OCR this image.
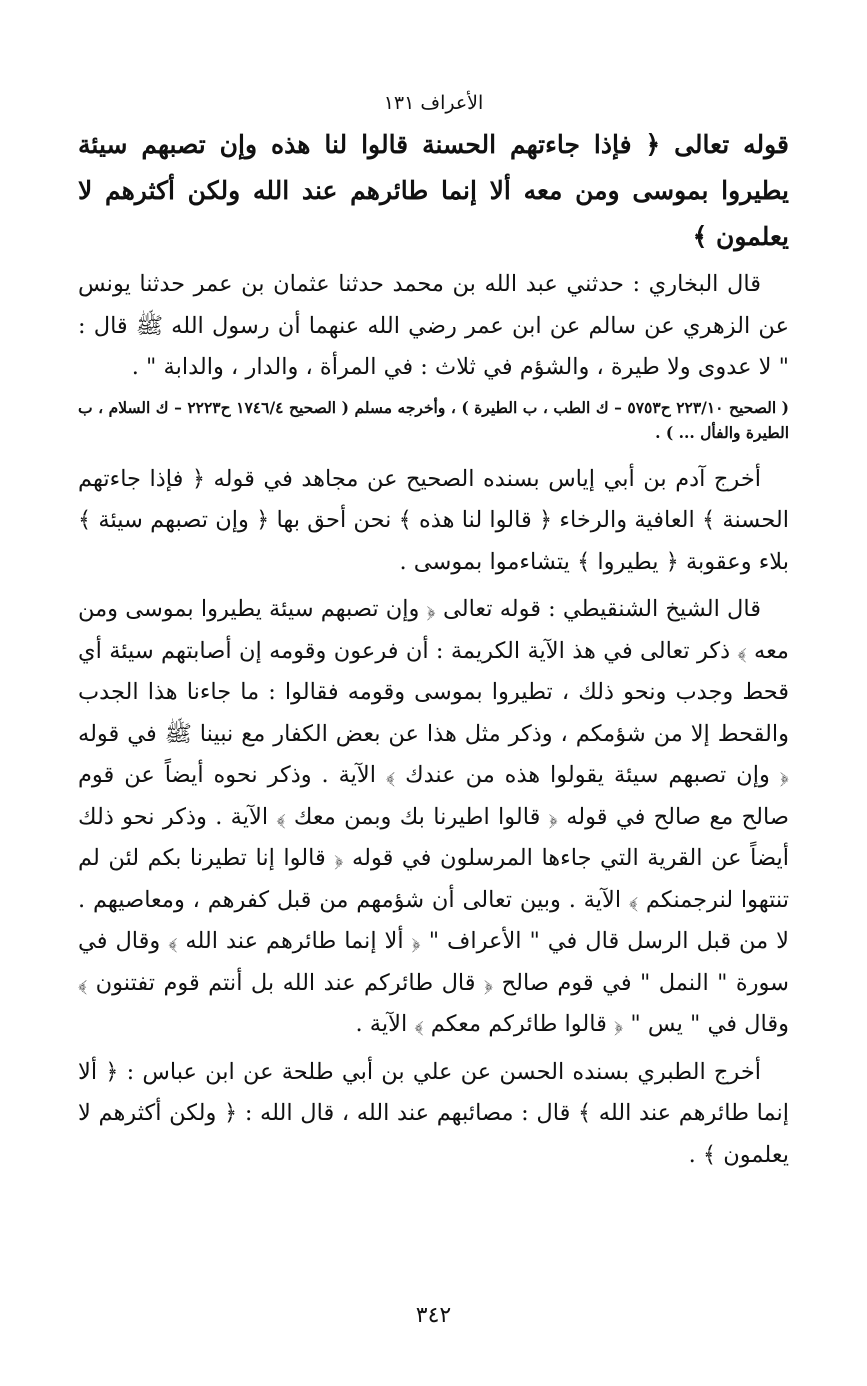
الأعراف ١٣١

قوله تعالى ﴿ فإذا جاءتهم الحسنة قالوا لنا هذه وإن تصبهم سيئة يطيروا بموسى ومن معه ألا إنما طائرهم عند الله ولكن أكثرهم لا يعلمون ﴾

قال البخاري : حدثني عبد الله بن محمد حدثنا عثمان بن عمر حدثنا يونس عن الزهري عن سالم عن ابن عمر رضي الله عنهما أن رسول الله ﷺ قال : " لا عدوى ولا طيرة ، والشؤم في ثلاث : في المرأة ، والدار ، والدابة " .

( الصحيح ٢٢٣/١٠ ح٥٧٥٣ – ك الطب ، ب الطيرة ) ، وأخرجه مسلم ( الصحيح ١٧٤٦/٤ ح٢٢٢٣ – ك السلام ، ب الطيرة والفأل ... ) .

أخرج آدم بن أبي إياس بسنده الصحيح عن مجاهد في قوله ﴿ فإذا جاءتهم الحسنة ﴾ العافية والرخاء ﴿ قالوا لنا هذه ﴾ نحن أحق بها ﴿ وإن تصبهم سيئة ﴾ بلاء وعقوبة ﴿ يطيروا ﴾ يتشاءموا بموسى .

قال الشيخ الشنقيطي : قوله تعالى ﴿ وإن تصبهم سيئة يطيروا بموسى ومن معه ﴾ ذكر تعالى في هذ الآية الكريمة : أن فرعون وقومه إن أصابتهم سيئة أي قحط وجدب ونحو ذلك ، تطيروا بموسى وقومه فقالوا : ما جاءنا هذا الجدب والقحط إلا من شؤمكم ، وذكر مثل هذا عن بعض الكفار مع نبينا ﷺ في قوله ﴿ وإن تصبهم سيئة يقولوا هذه من عندك ﴾ الآية . وذكر نحوه أيضاً عن قوم صالح مع صالح في قوله ﴿ قالوا اطيرنا بك وبمن معك ﴾ الآية . وذكر نحو ذلك أيضاً عن القرية التي جاءها المرسلون في قوله ﴿ قالوا إنا تطيرنا بكم لئن لم تنتهوا لنرجمنكم ﴾ الآية . وبين تعالى أن شؤمهم من قبل كفرهم ، ومعاصيهم . لا من قبل الرسل قال في " الأعراف " ﴿ ألا إنما طائرهم عند الله ﴾ وقال في سورة " النمل " في قوم صالح ﴿ قال طائركم عند الله بل أنتم قوم تفتنون ﴾ وقال في " يس " ﴿ قالوا طائركم معكم ﴾ الآية .

أخرج الطبري بسنده الحسن عن علي بن أبي طلحة عن ابن عباس : ﴿ ألا إنما طائرهم عند الله ﴾ قال : مصائبهم عند الله ، قال الله : ﴿ ولكن أكثرهم لا يعلمون ﴾ .

٣٤٢
